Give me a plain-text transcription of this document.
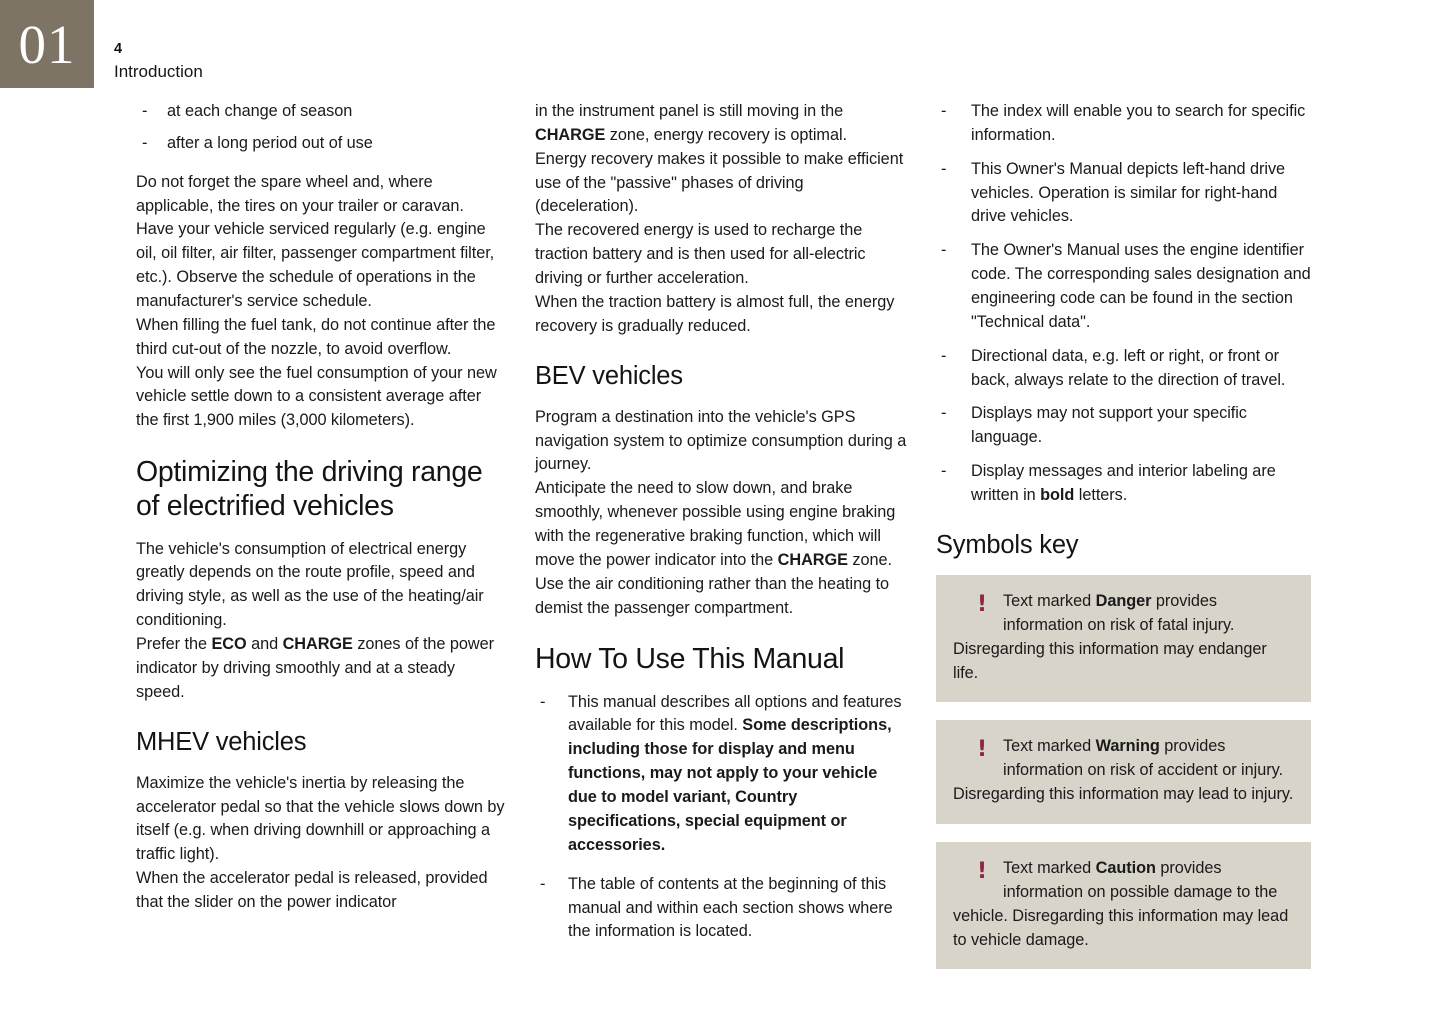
01	4
Introduction
- at each change of season
- after a long period out of use

Do not forget the spare wheel and, where applicable, the tires on your trailer or caravan.

Have your vehicle serviced regularly (e.g. engine oil, oil filter, air filter, passenger compartment filter, etc.). Observe the schedule of operations in the manufacturer's service schedule.

When filling the fuel tank, do not continue after the third cut-out of the nozzle, to avoid overflow.

You will only see the fuel consumption of your new vehicle settle down to a consistent average after the first 1,900 miles (3,000 kilometers).

Optimizing the driving range of electrified vehicles

The vehicle's consumption of electrical energy greatly depends on the route profile, speed and driving style, as well as the use of the heating/air conditioning.

Prefer the ECO and CHARGE zones of the power indicator by driving smoothly and at a steady speed.

MHEV vehicles

Maximize the vehicle's inertia by releasing the accelerator pedal so that the vehicle slows down by itself (e.g. when driving downhill or approaching a traffic light).

When the accelerator pedal is released, provided that the slider on the power indicator

in the instrument panel is still moving in the CHARGE zone, energy recovery is optimal.

Energy recovery makes it possible to make efficient use of the "passive" phases of driving (deceleration).

The recovered energy is used to recharge the traction battery and is then used for all-electric driving or further acceleration.

When the traction battery is almost full, the energy recovery is gradually reduced.

BEV vehicles

Program a destination into the vehicle's GPS navigation system to optimize consumption during a journey.

Anticipate the need to slow down, and brake smoothly, whenever possible using engine braking with the regenerative braking function, which will move the power indicator into the CHARGE zone.

Use the air conditioning rather than the heating to demist the passenger compartment.

How To Use This Manual
- This manual describes all options and features available for this model. Some descriptions, including those for display and menu functions, may not apply to your vehicle due to model variant, Country specifications, special equipment or accessories.
- The table of contents at the beginning of this manual and within each section shows where the information is located.
- The index will enable you to search for specific information.
- This Owner's Manual depicts left-hand drive vehicles. Operation is similar for right-hand drive vehicles.
- The Owner's Manual uses the engine identifier code. The corresponding sales designation and engineering code can be found in the section "Technical data".
- Directional data, e.g. left or right, or front or back, always relate to the direction of travel.
- Displays may not support your specific language.
- Display messages and interior labeling are written in bold letters.
Symbols key
! Text marked Danger provides information on risk of fatal injury. Disregarding this information may endanger life.

! Text marked Warning provides information on risk of accident or injury. Disregarding this information may lead to injury.

! Text marked Caution provides information on possible damage to the vehicle. Disregarding this information may lead to vehicle damage.
